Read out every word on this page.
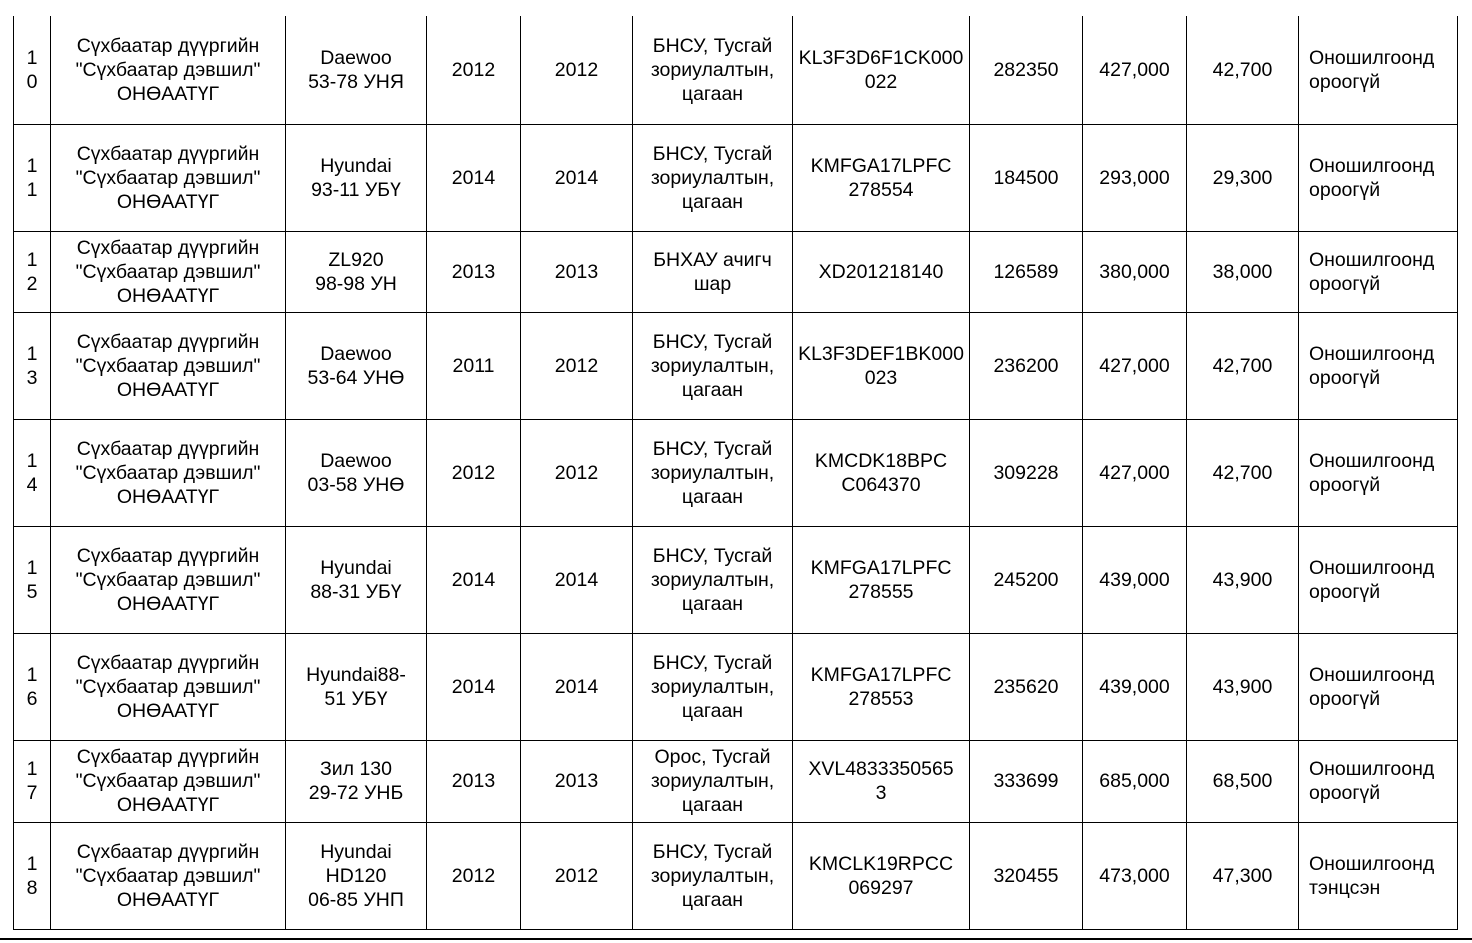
10	Сүхбаатар дүүргийн
"Сүхбаатар дэвшил"
ОНӨААТҮГ	Daewoo
53-78 УНЯ	2012	2012	БНСУ, Тусгай
зориулалтын,
цагаан	KL3F3D6F1CK000022	282350	427,000	42,700	Оношилгоонд
ороогүй
11	Сүхбаатар дүүргийн
"Сүхбаатар дэвшил"
ОНӨААТҮГ	Hyundai
93-11 УБҮ	2014	2014	БНСУ, Тусгай
зориулалтын,
цагаан	KMFGA17LPFC
278554	184500	293,000	29,300	Оношилгоонд
ороогүй
12	Сүхбаатар дүүргийн
"Сүхбаатар дэвшил"
ОНӨААТҮГ	ZL920
98-98 УН	2013	2013	БНХАУ ачигч
шар	XD201218140	126589	380,000	38,000	Оношилгоонд
ороогүй
13	Сүхбаатар дүүргийн
"Сүхбаатар дэвшил"
ОНӨААТҮГ	Daewoo
53-64 УНӨ	2011	2012	БНСУ, Тусгай
зориулалтын,
цагаан	KL3F3DEF1BK000023	236200	427,000	42,700	Оношилгоонд
ороогүй
14	Сүхбаатар дүүргийн
"Сүхбаатар дэвшил"
ОНӨААТҮГ	Daewoo
03-58 УНӨ	2012	2012	БНСУ, Тусгай
зориулалтын,
цагаан	KMCDK18BPC
C064370	309228	427,000	42,700	Оношилгоонд
ороогүй
15	Сүхбаатар дүүргийн
"Сүхбаатар дэвшил"
ОНӨААТҮГ	Hyundai
88-31 УБҮ	2014	2014	БНСУ, Тусгай
зориулалтын,
цагаан	KMFGA17LPFC
278555	245200	439,000	43,900	Оношилгоонд
ороогүй
16	Сүхбаатар дүүргийн
"Сүхбаатар дэвшил"
ОНӨААТҮГ	Hyundai88-
51 УБҮ	2014	2014	БНСУ, Тусгай
зориулалтын,
цагаан	KMFGA17LPFC
278553	235620	439,000	43,900	Оношилгоонд
ороогүй
17	Сүхбаатар дүүргийн
"Сүхбаатар дэвшил"
ОНӨААТҮГ	Зил 130
29-72 УНБ	2013	2013	Орос, Тусгай
зориулалтын,
цагаан	XVL4833350565
3	333699	685,000	68,500	Оношилгоонд
ороогүй
18	Сүхбаатар дүүргийн
"Сүхбаатар дэвшил"
ОНӨААТҮГ	Hyundai
HD120
06-85 УНП	2012	2012	БНСУ, Тусгай
зориулалтын,
цагаан	KMCLK19RPCC
069297	320455	473,000	47,300	Оношилгоонд
тэнцсэн
